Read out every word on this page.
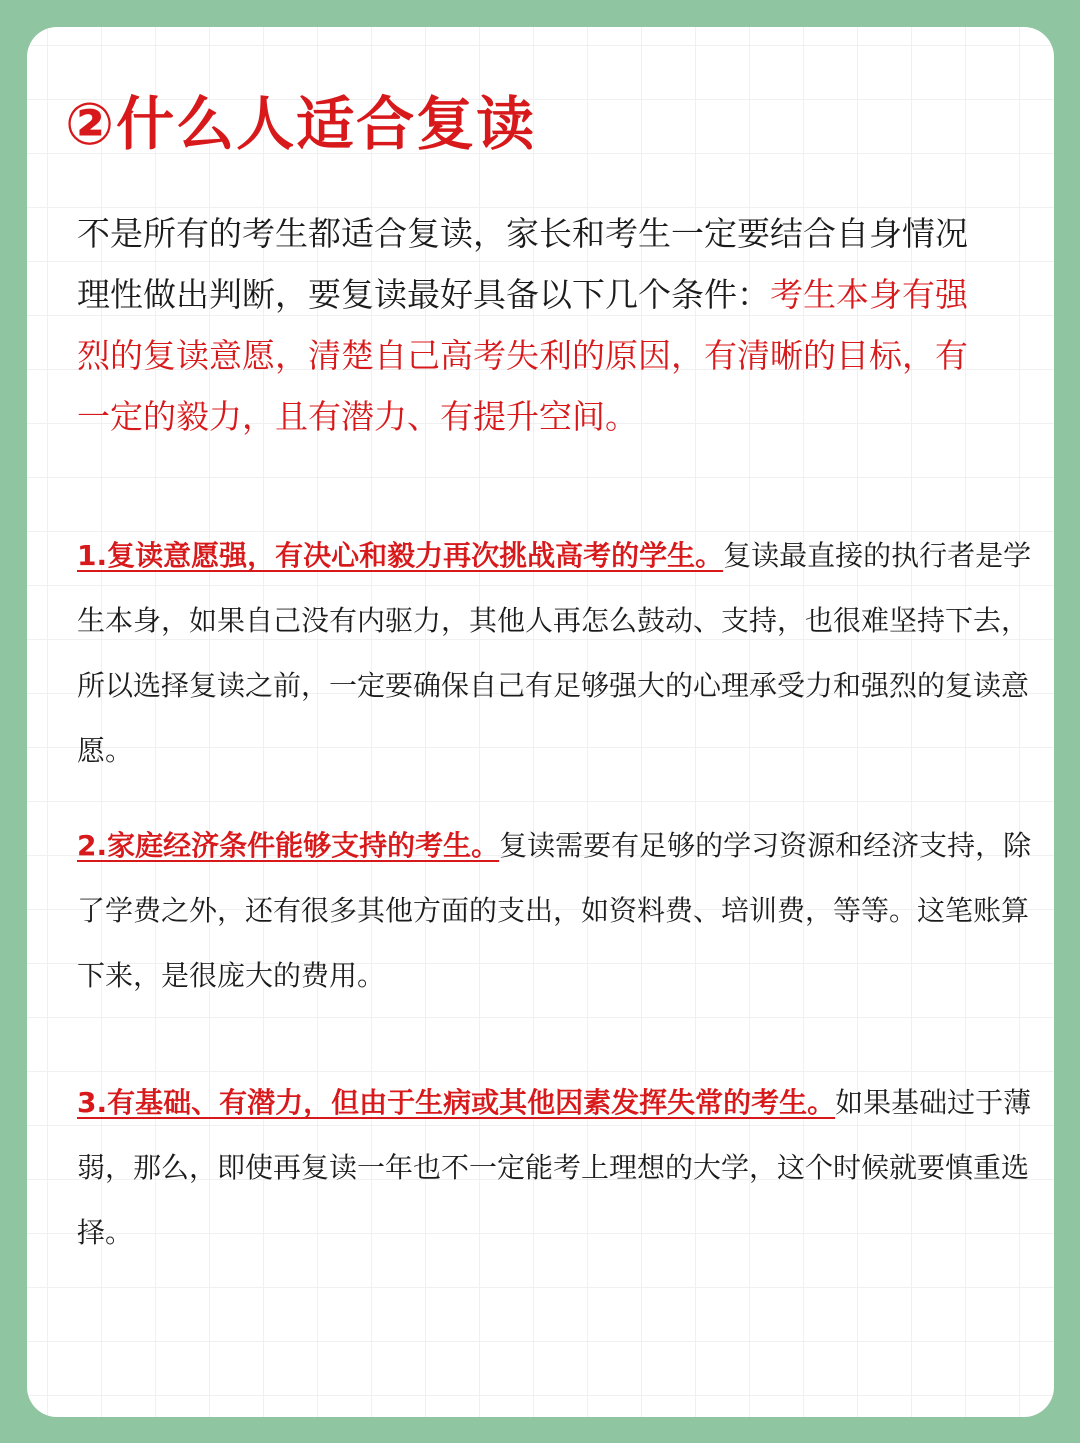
②什么人适合复读

不是所有的考生都适合复读，家长和考生一定要结合自身情况理性做出判断，要复读最好具备以下几个条件：考生本身有强烈的复读意愿，清楚自己高考失利的原因，有清晰的目标，有一定的毅力，且有潜力、有提升空间。

1.复读意愿强，有决心和毅力再次挑战高考的学生。复读最直接的执行者是学生本身，如果自己没有内驱力，其他人再怎么鼓动、支持，也很难坚持下去，所以选择复读之前，一定要确保自己有足够强大的心理承受力和强烈的复读意愿。

2.家庭经济条件能够支持的考生。复读需要有足够的学习资源和经济支持，除了学费之外，还有很多其他方面的支出，如资料费、培训费，等等。这笔账算下来，是很庞大的费用。

3.有基础、有潜力，但由于生病或其他因素发挥失常的考生。如果基础过于薄弱，那么，即使再复读一年也不一定能考上理想的大学，这个时候就要慎重选择。
